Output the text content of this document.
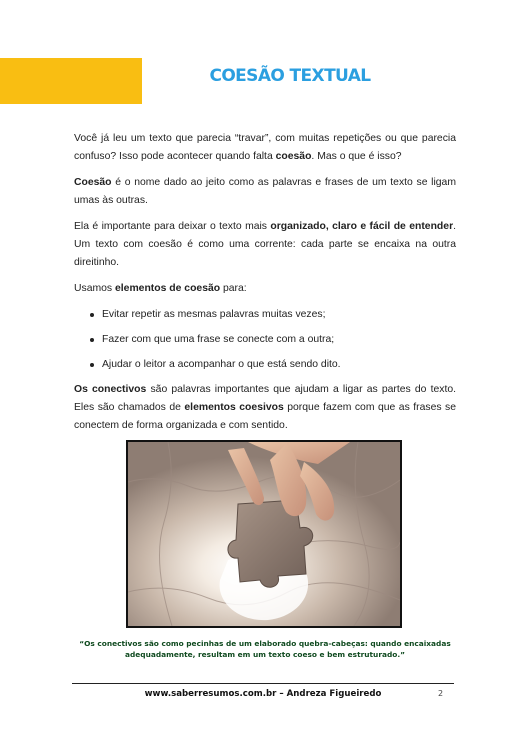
COESÃO TEXTUAL

Você já leu um texto que parecia “travar”, com muitas repetições ou que parecia confuso? Isso pode acontecer quando falta coesão. Mas o que é isso?

Coesão é o nome dado ao jeito como as palavras e frases de um texto se ligam umas às outras.

Ela é importante para deixar o texto mais organizado, claro e fácil de entender. Um texto com coesão é como uma corrente: cada parte se encaixa na outra direitinho.

Usamos elementos de coesão para:

Evitar repetir as mesmas palavras muitas vezes;
Fazer com que uma frase se conecte com a outra;
Ajudar o leitor a acompanhar o que está sendo dito.

Os conectivos são palavras importantes que ajudam a ligar as partes do texto. Eles são chamados de elementos coesivos porque fazem com que as frases se conectem de forma organizada e com sentido.

“Os conectivos são como pecinhas de um elaborado quebra-cabeças: quando encaixadas
adequadamente, resultam em um texto coeso e bem estruturado.”
www.saberresumos.com.br – Andreza Figueiredo	2
